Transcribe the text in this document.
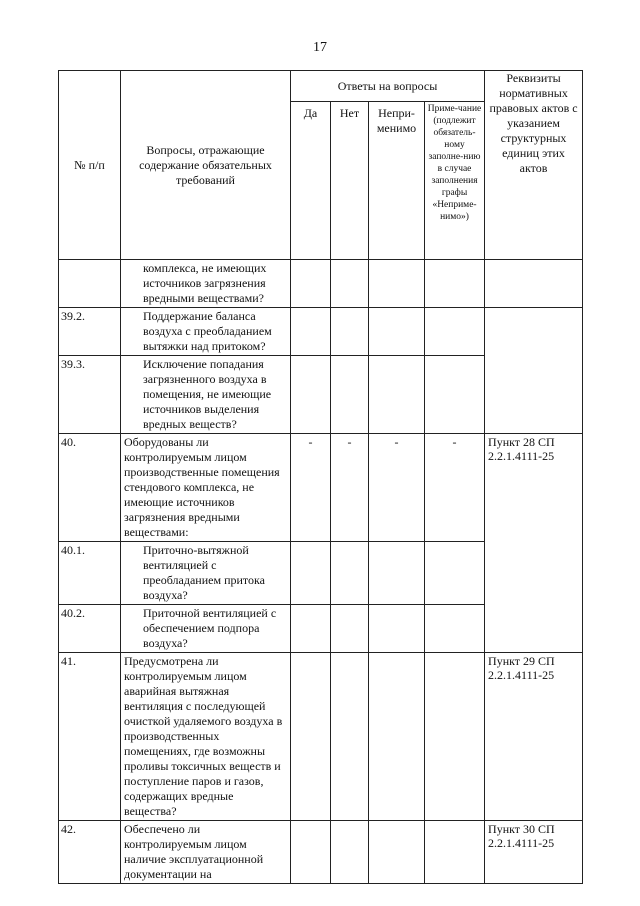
17
№ п/п	Вопросы, отражающие содержание обязательных требований	Ответы на вопросы				Реквизиты нормативных правовых актов с указанием структурных единиц этих актов
		Да	Нет	Непри-менимо	Приме-чание (подлежит обязатель-ному заполне-нию в случае заполнения графы «Неприме-нимо»)	
	комплекса, не имеющих источников загрязнения вредными веществами?					
39.2.	Поддержание баланса воздуха с преобладанием вытяжки над притоком?					
39.3.	Исключение попадания загрязненного воздуха в помещения, не имеющие источников выделения вредных веществ?					
40.	Оборудованы ли контролируемым лицом производственные помещения стендового комплекса, не имеющие источников загрязнения вредными веществами:	-	-	-	-	Пункт 28 СП 2.2.1.4111-25
40.1.	Приточно-вытяжной вентиляцией с преобладанием притока воздуха?					
40.2.	Приточной вентиляцией с обеспечением подпора воздуха?					
41.	Предусмотрена ли контролируемым лицом аварийная вытяжная вентиляция с последующей очисткой удаляемого воздуха в производственных помещениях, где возможны проливы токсичных веществ и поступление паров и газов, содержащих вредные вещества?					Пункт 29 СП 2.2.1.4111-25
42.	Обеспечено ли контролируемым лицом наличие эксплуатационной документации на					Пункт 30 СП 2.2.1.4111-25
